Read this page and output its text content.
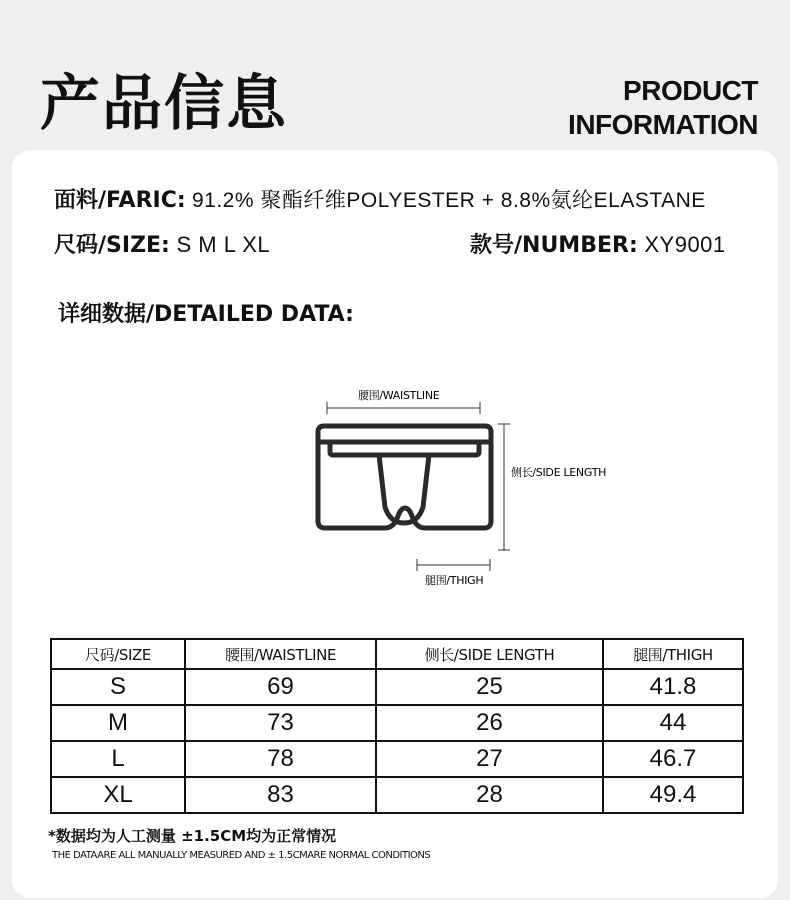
产品信息	PRODUCT
INFORMATION
面料/FARIC: 91.2% 聚酯纤维POLYESTER + 8.8%氨纶ELASTANE
尺码/SIZE: S M L XL	款号/NUMBER: XY9001
详细数据/DETAILED DATA:
腰围/WAISTLINE
侧长/SIDE LENGTH
腿围/THIGH
尺码/SIZE	腰围/WAISTLINE	侧长/SIDE LENGTH	腿围/THIGH
S	69	25	41.8
M	73	26	44
L	78	27	46.7
XL	83	28	49.4
*数据均为人工测量 ±1.5CM均为正常情况
THE DATAARE ALL MANUALLY MEASURED AND ± 1.5CMARE NORMAL CONDITIONS
